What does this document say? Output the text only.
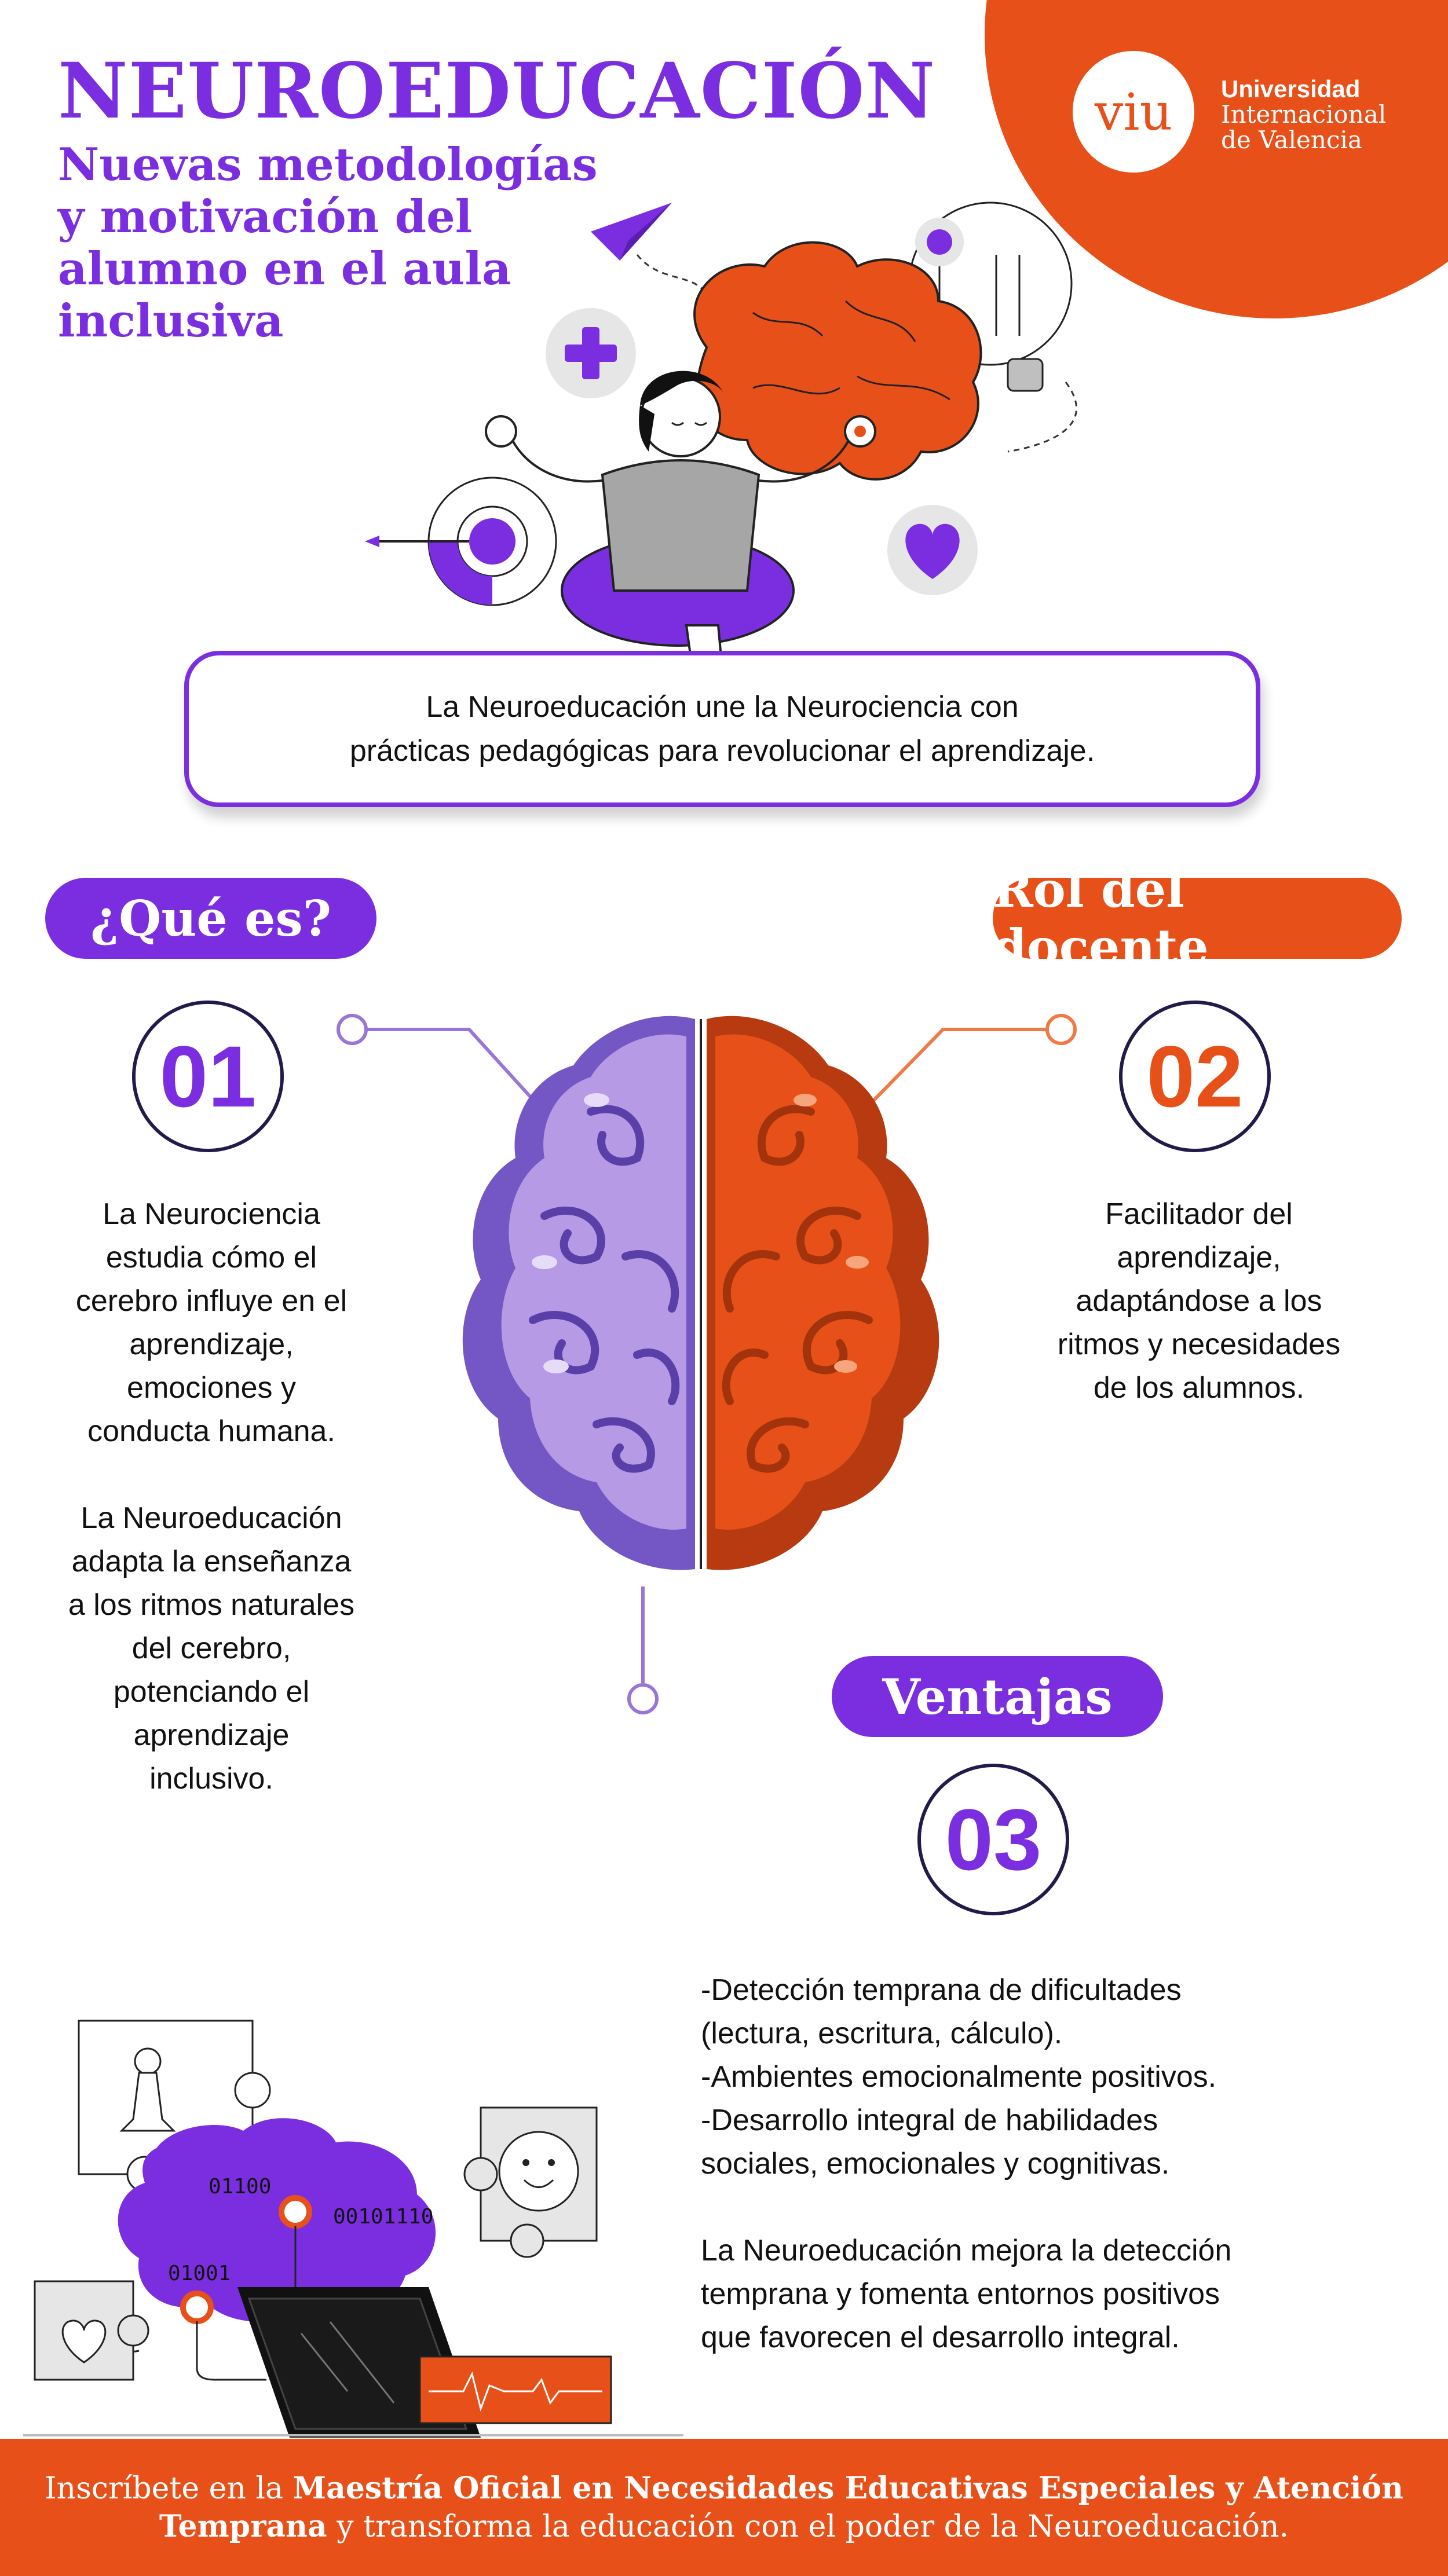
NEUROEDUCACIÓN
Nuevas metodologías
y motivación del
alumno en el aula
inclusiva
viu	Universidad
Internacional
de Valencia
La Neuroeducación une la Neurociencia con
prácticas pedagógicas para revolucionar el aprendizaje.
¿Qué es?	Rol del docente
Ventajas
01	02
03
La Neurociencia
estudia cómo el
cerebro influye en el
aprendizaje,
emociones y
conducta humana.
La Neuroeducación
adapta la enseñanza
a los ritmos naturales
del cerebro,
potenciando el
aprendizaje
inclusivo.
Facilitador del
aprendizaje,
adaptándose a los
ritmos y necesidades
de los alumnos.
-Detección temprana de dificultades
(lectura, escritura, cálculo).
-Ambientes emocionalmente positivos.
-Desarrollo integral de habilidades
sociales, emocionales y cognitivas.
La Neuroeducación mejora la detección
temprana y fomenta entornos positivos
que favorecen el desarrollo integral.
01100
00101110
01001
Inscríbete en la Maestría Oficial en Necesidades Educativas Especiales y Atención
Temprana y transforma la educación con el poder de la Neuroeducación.
